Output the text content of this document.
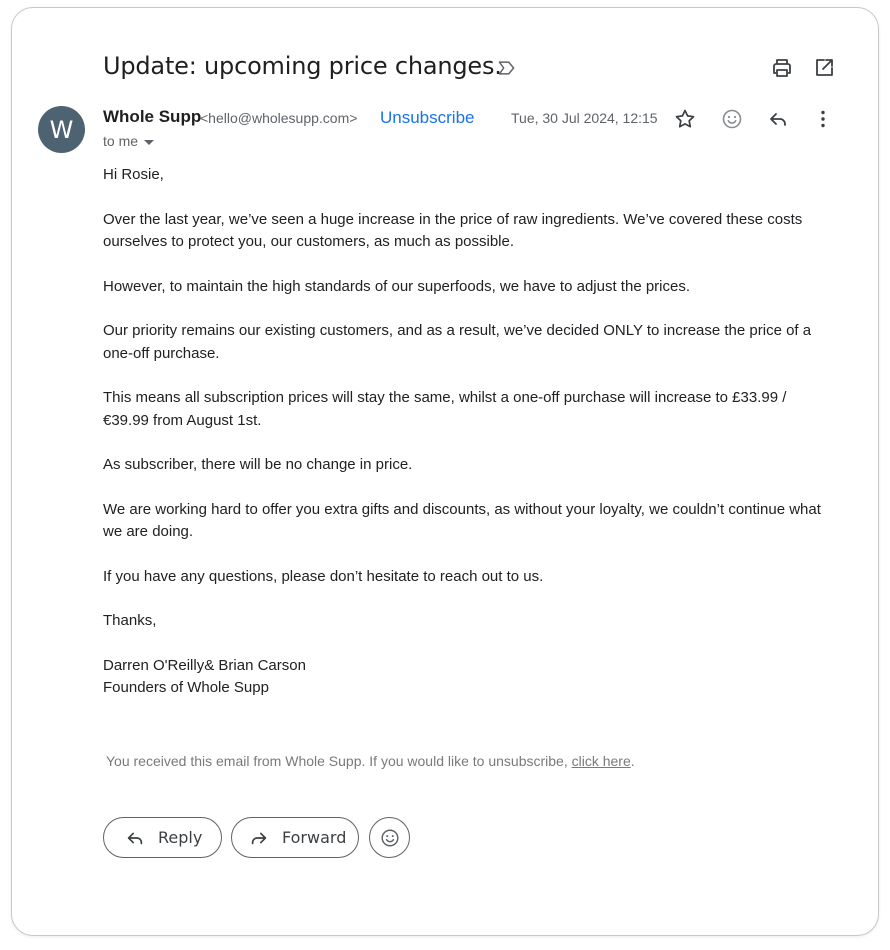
Update: upcoming price changes.
W	Whole Supp
<hello@wholesupp.com> Unsubscribe	Tue, 30 Jul 2024, 12:15
to me

Hi Rosie,

Over the last year, we’ve seen a huge increase in the price of raw ingredients. We’ve covered these costs ourselves to protect you, our customers, as much as possible.

However, to maintain the high standards of our superfoods, we have to adjust the prices.

Our priority remains our existing customers, and as a result, we’ve decided ONLY to increase the price of a one-off purchase.

This means all subscription prices will stay the same, whilst a one-off purchase will increase to £33.99 / €39.99 from August 1st.

As subscriber, there will be no change in price.

We are working hard to offer you extra gifts and discounts, as without your loyalty, we couldn’t continue what we are doing.

If you have any questions, please don’t hesitate to reach out to us.

Thanks,

Darren O'Reilly& Brian Carson

Founders of Whole Supp

You received this email from Whole Supp. If you would like to unsubscribe, click here.
Reply	Forward
